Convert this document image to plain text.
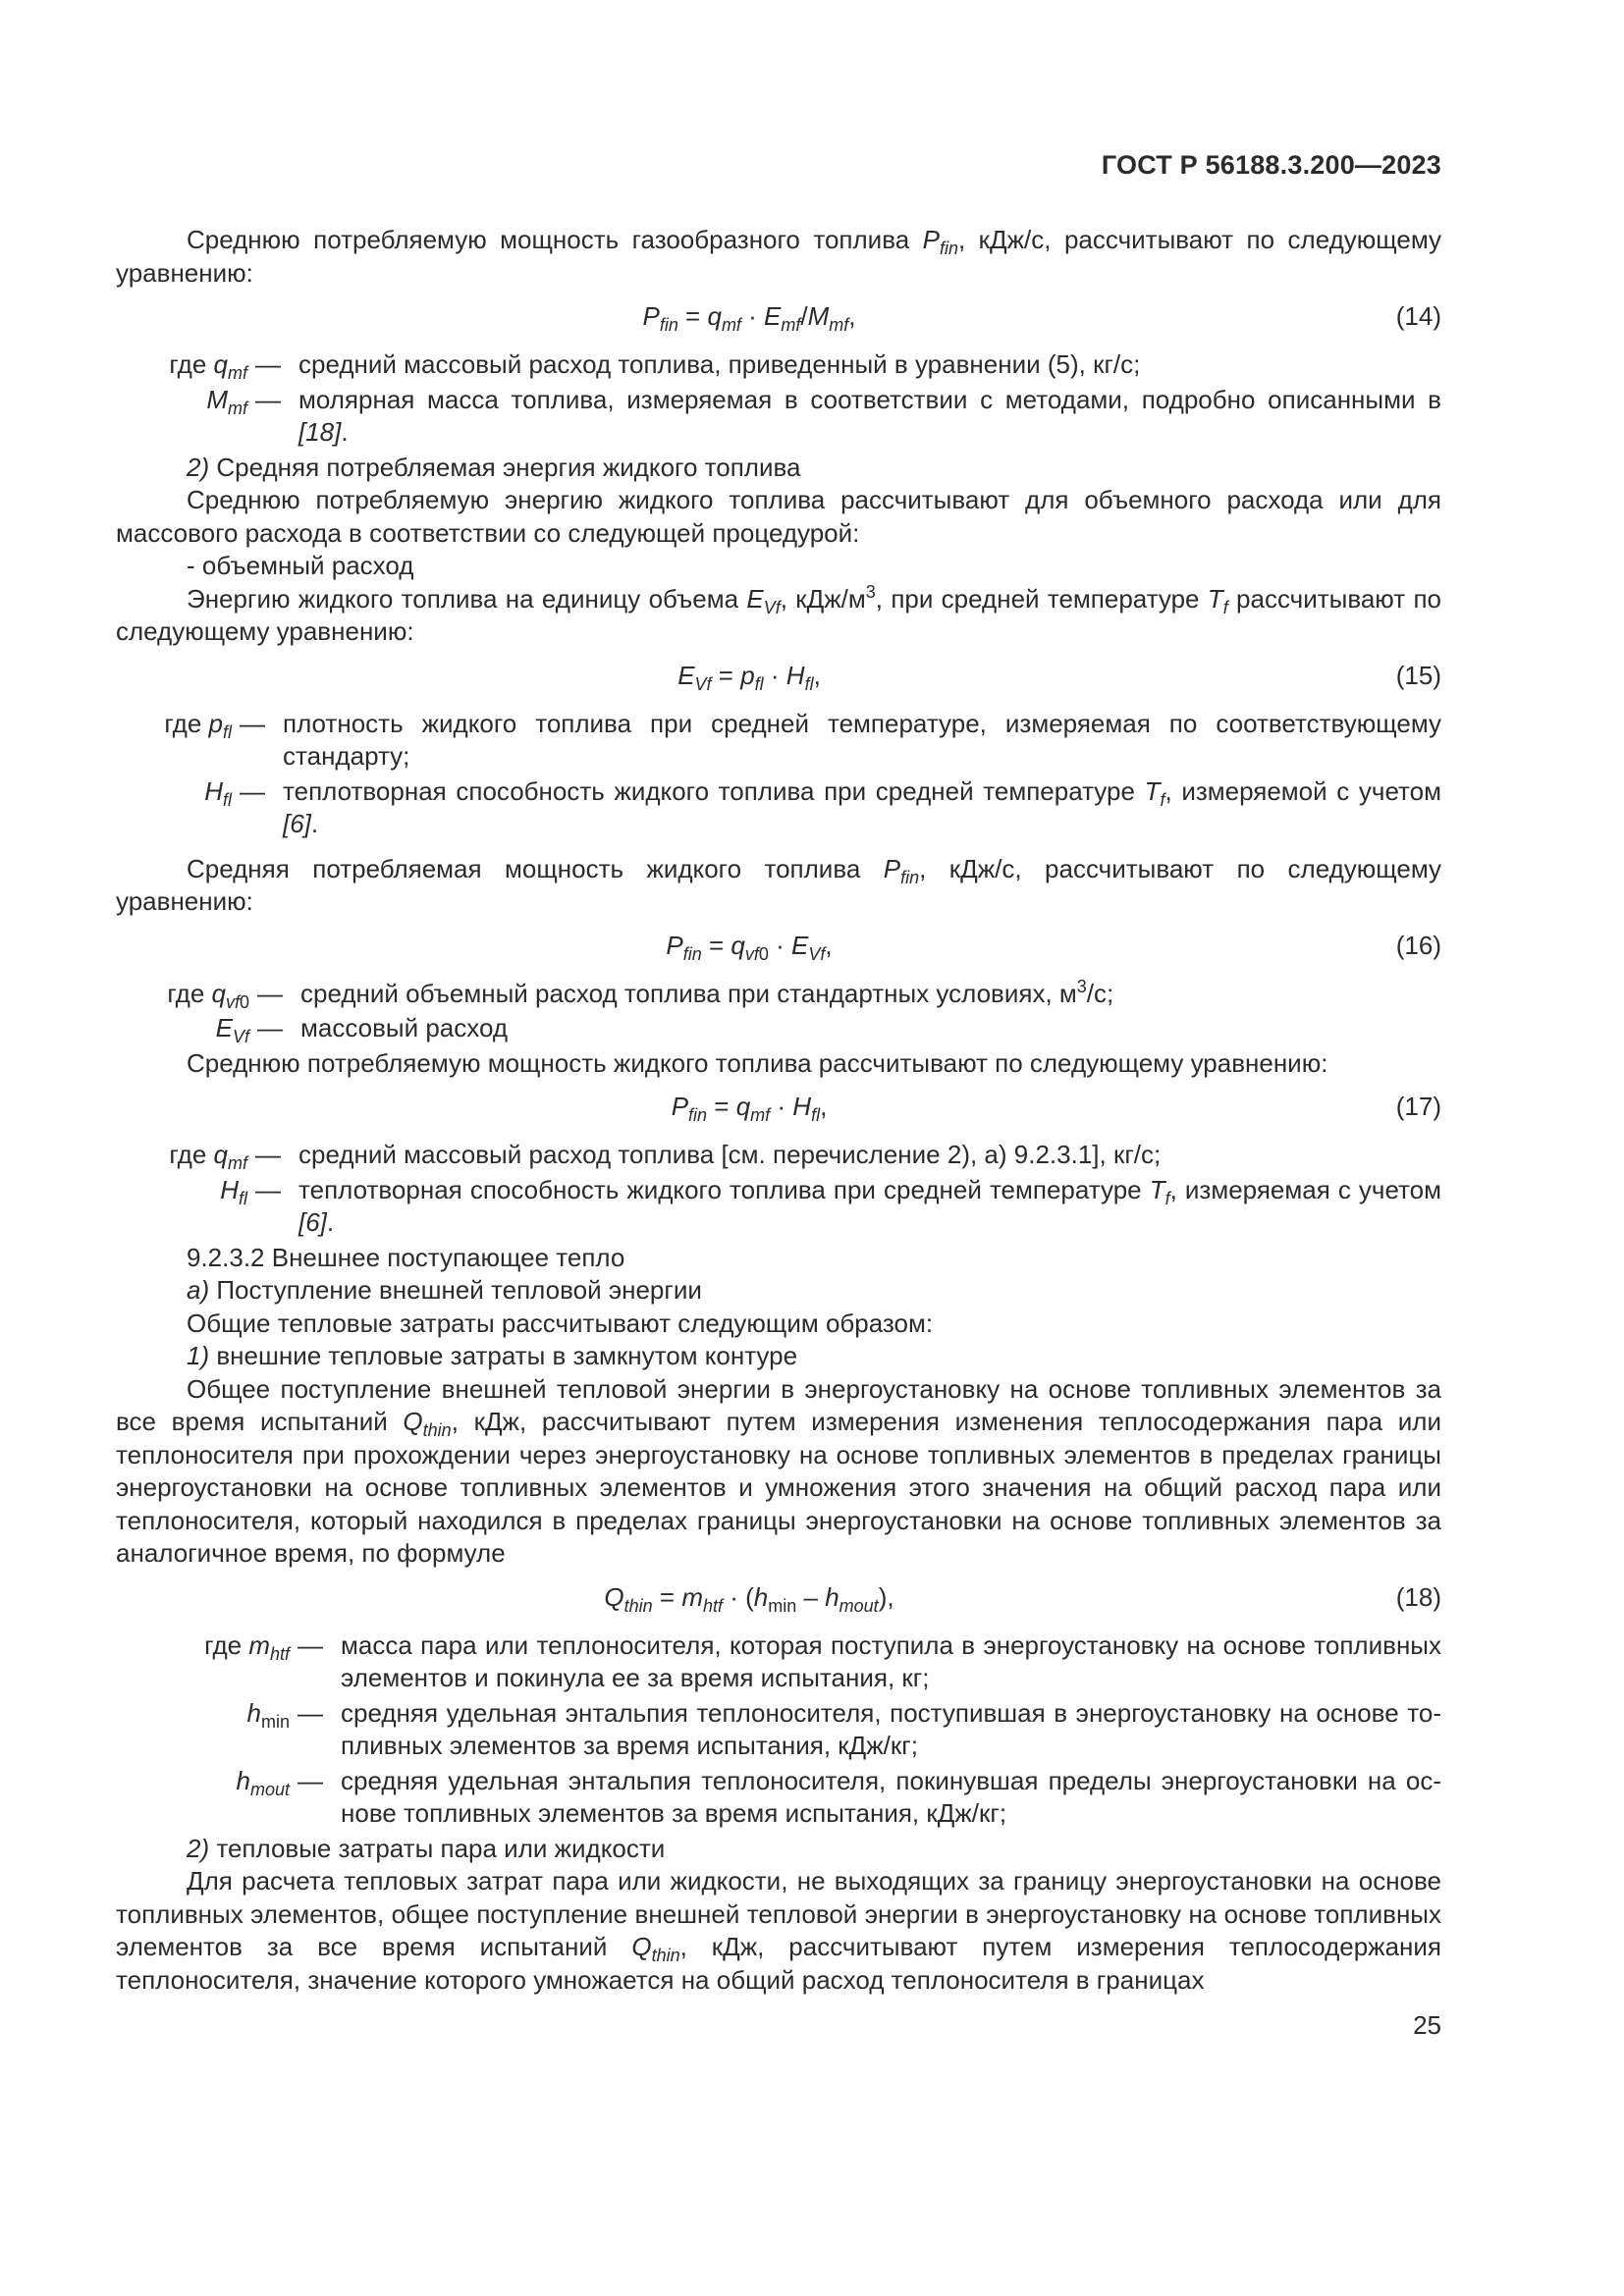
ГОСТ Р 56188.3.200—2023

Среднюю потребляемую мощность газообразного топлива $P_{fin}$, кДж/с, рассчитывают по следующему уравнению:

$P_{fin} = q_{mf} \cdot E_{mf}/M_{mf}$,	(14)
где $q_{mf}$ — средний массовый расход топлива, приведенный в уравнении (5), кг/с;
$M_{mf}$ — молярная масса топлива, измеряемая в соответствии с методами, подробно описанными в [18].

2) Средняя потребляемая энергия жидкого топлива

Среднюю потребляемую энергию жидкого топлива рассчитывают для объемного расхода или для массового расхода в соответствии со следующей процедурой:

- объемный расход

Энергию жидкого топлива на единицу объема $E_{Vf}$, кДж/$м^3$, при средней температуре $T_f$ рассчитывают по следующему уравнению:

$E_{Vf} = p_{fl} \cdot H_{fl}$,	(15)
где $p_{fl}$ — плотность жидкого топлива при средней температуре, измеряемая по соответствующему стандарту;
$H_{fl}$ — теплотворная способность жидкого топлива при средней температуре $T_f$, измеряемой с учетом [6].

Средняя потребляемая мощность жидкого топлива $P_{fin}$, кДж/с, рассчитывают по следующему уравнению:

$P_{fin} = q_{vf0} \cdot E_{Vf}$,	(16)
где $q_{vf0}$ — средний объемный расход топлива при стандартных условиях, $м^3/с$;
$E_{Vf}$ — массовый расход

Среднюю потребляемую мощность жидкого топлива рассчитывают по следующему уравнению:

$P_{fin} = q_{mf} \cdot H_{fl}$,	(17)
где $q_{mf}$ — средний массовый расход топлива [см. перечисление 2), а) 9.2.3.1], кг/с;
$H_{fl}$ — теплотворная способность жидкого топлива при средней температуре $T_f$, измеряемая с учетом [6].

9.2.3.2 Внешнее поступающее тепло

а) Поступление внешней тепловой энергии

Общие тепловые затраты рассчитывают следующим образом:

1) внешние тепловые затраты в замкнутом контуре

Общее поступление внешней тепловой энергии в энергоустановку на основе топливных элементов за все время испытаний $Q_{thin}$, кДж, рассчитывают путем измерения изменения теплосодержания пара или теплоносителя при прохождении через энергоустановку на основе топливных элементов в пределах границы энергоустановки на основе топливных элементов и умножения этого значения на общий расход пара или теплоносителя, который находился в пределах границы энергоустановки на основе топливных элементов за аналогичное время, по формуле

$Q_{thin} = m_{htf} \cdot (h_{min} - h_{mout})$,	(18)
где $m_{htf}$ — масса пара или теплоносителя, которая поступила в энергоустановку на основе топливных элементов и покинула ее за время испытания, кг;
$h_{min}$ — средняя удельная энтальпия теплоносителя, поступившая в энергоустановку на основе топливных элементов за время испытания, кДж/кг;
$h_{mout}$ — средняя удельная энтальпия теплоносителя, покинувшая пределы энергоустановки на основе топливных элементов за время испытания, кДж/кг;

2) тепловые затраты пара или жидкости

Для расчета тепловых затрат пара или жидкости, не выходящих за границу энергоустановки на основе топливных элементов, общее поступление внешней тепловой энергии в энергоустановку на основе топливных элементов за все время испытаний $Q_{thin}$, кДж, рассчитывают путем измерения теплосодержания теплоносителя, значение которого умножается на общий расход теплоносителя в границах

25
